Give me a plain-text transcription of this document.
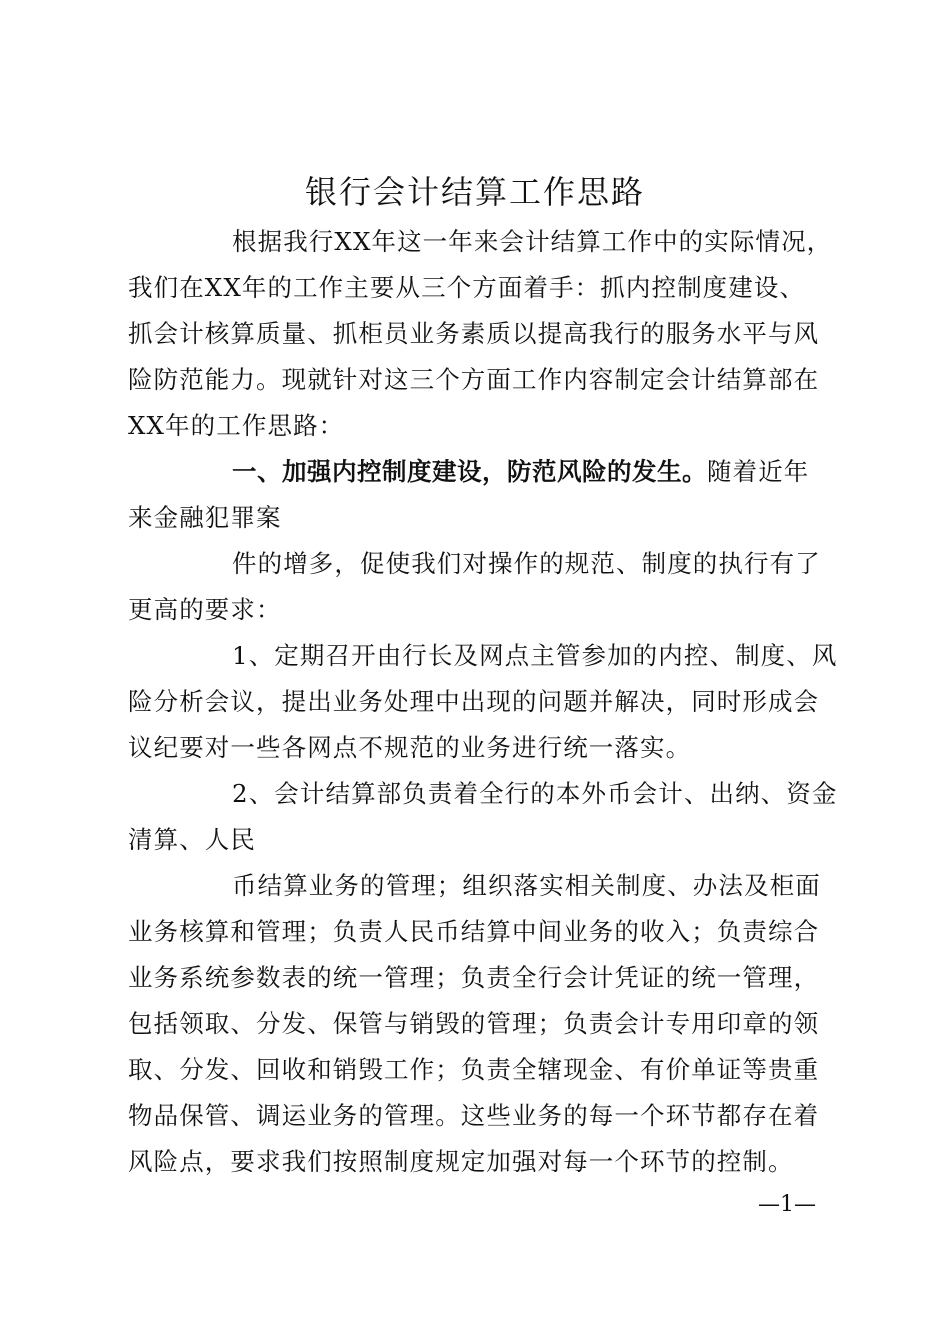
银行会计结算工作思路
根据我行XX年这一年来会计结算工作中的实际情况，
我们在XX年的工作主要从三个方面着手：抓内控制度建设、
抓会计核算质量、抓柜员业务素质以提高我行的服务水平与风
险防范能力。现就针对这三个方面工作内容制定会计结算部在
XX年的工作思路：
一、加强内控制度建设，防范风险的发生。随着近年
来金融犯罪案
件的增多，促使我们对操作的规范、制度的执行有了
更高的要求：
1、定期召开由行长及网点主管参加的内控、制度、风
险分析会议，提出业务处理中出现的问题并解决，同时形成会
议纪要对一些各网点不规范的业务进行统一落实。
2、会计结算部负责着全行的本外币会计、出纳、资金
清算、人民
币结算业务的管理；组织落实相关制度、办法及柜面
业务核算和管理；负责人民币结算中间业务的收入；负责综合
业务系统参数表的统一管理；负责全行会计凭证的统一管理，
包括领取、分发、保管与销毁的管理；负责会计专用印章的领
取、分发、回收和销毁工作；负责全辖现金、有价单证等贵重
物品保管、调运业务的管理。这些业务的每一个环节都存在着
风险点，要求我们按照制度规定加强对每一个环节的控制。
—1—
